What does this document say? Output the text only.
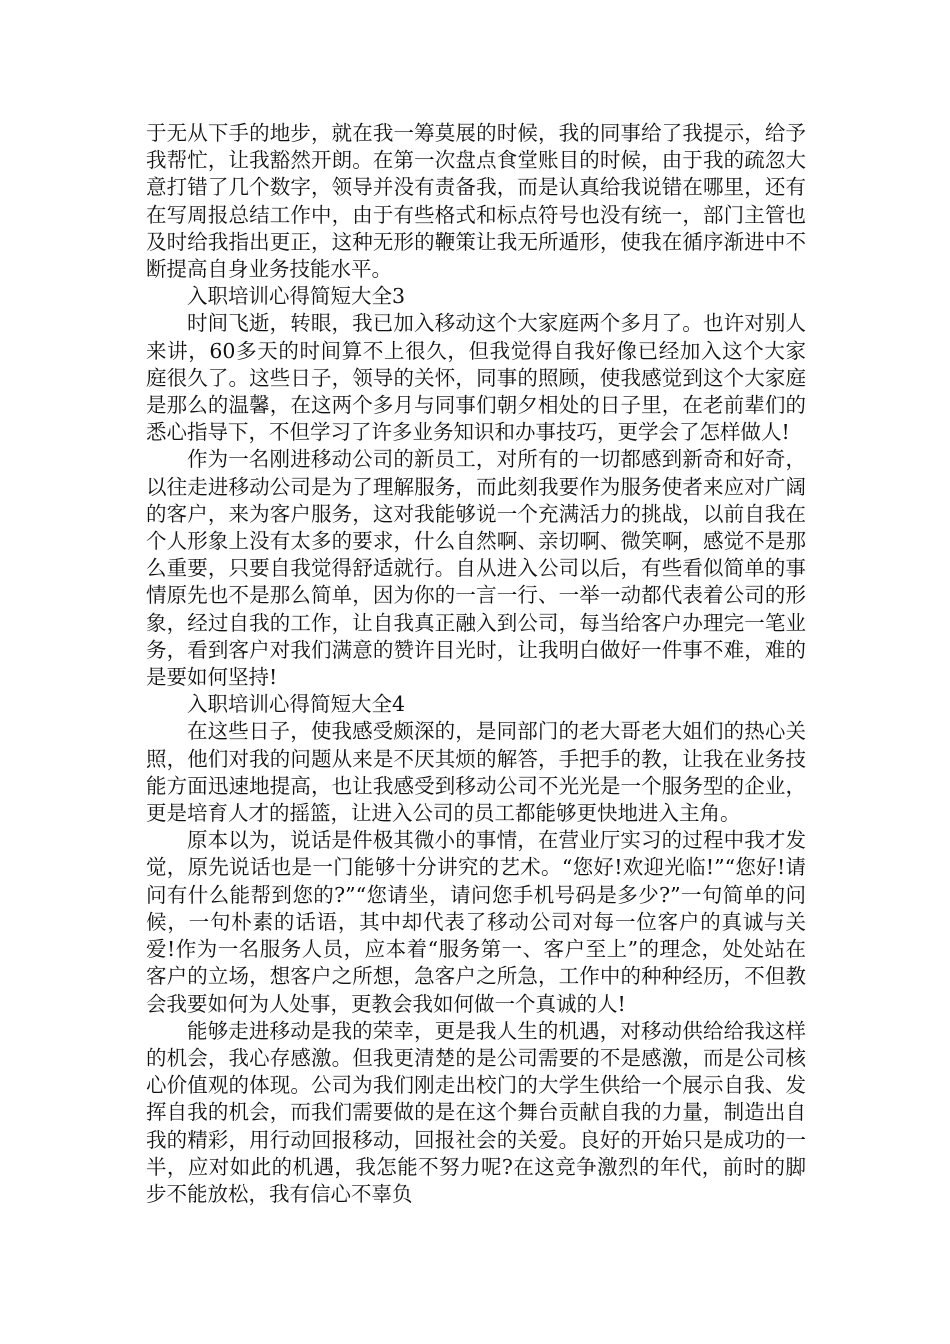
于无从下手的地步，就在我一筹莫展的时候，我的同事给了我提示，给予我帮忙，让我豁然开朗。在第一次盘点食堂账目的时候，由于我的疏忽大意打错了几个数字，领导并没有责备我，而是认真给我说错在哪里，还有在写周报总结工作中，由于有些格式和标点符号也没有统一，部门主管也及时给我指出更正，这种无形的鞭策让我无所遁形，使我在循序渐进中不断提高自身业务技能水平。

入职培训心得简短大全3

时间飞逝，转眼，我已加入移动这个大家庭两个多月了。也许对别人来讲，60多天的时间算不上很久，但我觉得自我好像已经加入这个大家庭很久了。这些日子，领导的关怀，同事的照顾，使我感觉到这个大家庭是那么的温馨，在这两个多月与同事们朝夕相处的日子里，在老前辈们的悉心指导下，不但学习了许多业务知识和办事技巧，更学会了怎样做人!

作为一名刚进移动公司的新员工，对所有的一切都感到新奇和好奇，以往走进移动公司是为了理解服务，而此刻我要作为服务使者来应对广阔的客户，来为客户服务，这对我能够说一个充满活力的挑战，以前自我在个人形象上没有太多的要求，什么自然啊、亲切啊、微笑啊，感觉不是那么重要，只要自我觉得舒适就行。自从进入公司以后，有些看似简单的事情原先也不是那么简单，因为你的一言一行、一举一动都代表着公司的形象，经过自我的工作，让自我真正融入到公司，每当给客户办理完一笔业务，看到客户对我们满意的赞许目光时，让我明白做好一件事不难，难的是要如何坚持!

入职培训心得简短大全4

在这些日子，使我感受颇深的，是同部门的老大哥老大姐们的热心关照，他们对我的问题从来是不厌其烦的解答，手把手的教，让我在业务技能方面迅速地提高，也让我感受到移动公司不光光是一个服务型的企业，更是培育人才的摇篮，让进入公司的员工都能够更快地进入主角。

原本以为，说话是件极其微小的事情，在营业厅实习的过程中我才发觉，原先说话也是一门能够十分讲究的艺术。“您好!欢迎光临!”“您好!请问有什么能帮到您的?”“您请坐，请问您手机号码是多少?”一句简单的问候，一句朴素的话语，其中却代表了移动公司对每一位客户的真诚与关爱!作为一名服务人员，应本着“服务第一、客户至上”的理念，处处站在客户的立场，想客户之所想，急客户之所急，工作中的种种经历，不但教会我要如何为人处事，更教会我如何做一个真诚的人!

能够走进移动是我的荣幸，更是我人生的机遇，对移动供给给我这样的机会，我心存感激。但我更清楚的是公司需要的不是感激，而是公司核心价值观的体现。公司为我们刚走出校门的大学生供给一个展示自我、发挥自我的机会，而我们需要做的是在这个舞台贡献自我的力量，制造出自我的精彩，用行动回报移动，回报社会的关爱。良好的开始只是成功的一半，应对如此的机遇，我怎能不努力呢?在这竞争激烈的年代，前时的脚步不能放松，我有信心不辜负
